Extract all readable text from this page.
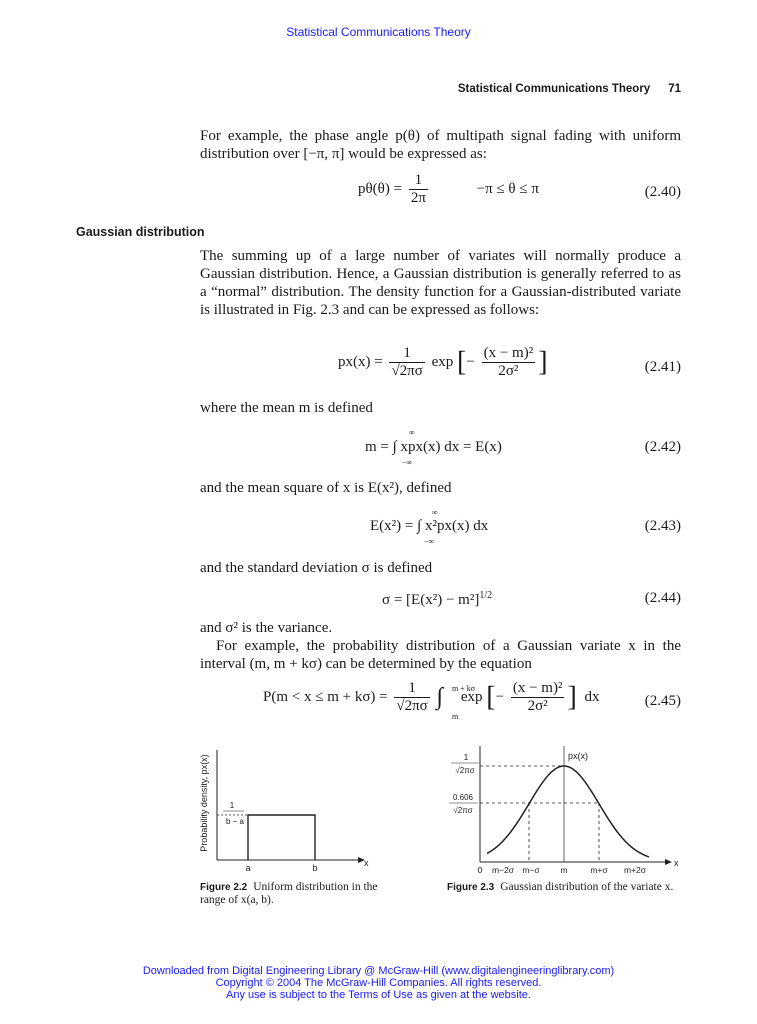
Statistical Communications Theory
Statistical Communications Theory 71
For example, the phase angle p(θ) of multipath signal fading with uniform distribution over [−π, π] would be expressed as:
$p\theta(\theta) = \frac{1}{2\pi}$	−π ≤ θ ≤ π	(2.40)
Gaussian distribution
The summing up of a large number of variates will normally produce a Gaussian distribution. Hence, a Gaussian distribution is generally referred to as a “normal” distribution. The density function for a Gaussian-distributed variate is illustrated in Fig. 2.3 and can be expressed as follows:
$px(x) = \frac{1}{√2\pi\sigma}$ exp [− $\frac{\text{(x − m)²}}{\text{2σ²}}$ ]	(2.41)
where the mean m is defined
m = ∫ xpx(x) dx = E(x)
∞
−∞
(2.42)
and the mean square of x is E(x²), defined
E(x²) = ∫ x²px(x) dx
∞
−∞
(2.43)
and the standard deviation σ is defined
$\sigma = [E(x^2) - m^2]^{1/2}$	(2.44)
and σ² is the variance.
For example, the probability distribution of a Gaussian variate x in the interval (m, m + kσ) can be determined by the equation
$P(m < x \le m + k\sigma) = \frac{1}{√2\pi\sigma}$ ∫ exp [− $\frac{\text{(x − m)²}}{\text{2σ²}}$ ] dx
m + kσ
m
(2.45)
Probability density, px(x)
x
1
b − a
a	b
Figure 2.2 Uniform distribution in the range of x(a, b).
x
px(x)
1
√2πσ
0.606
√2πσ
0 m−2σ m−σ m	m+σ m+2σ
Figure 2.3 Gaussian distribution of the variate x.
Downloaded from Digital Engineering Library @ McGraw-Hill (www.digitalengineeringlibrary.com)
Copyright © 2004 The McGraw-Hill Companies. All rights reserved.
Any use is subject to the Terms of Use as given at the website.
